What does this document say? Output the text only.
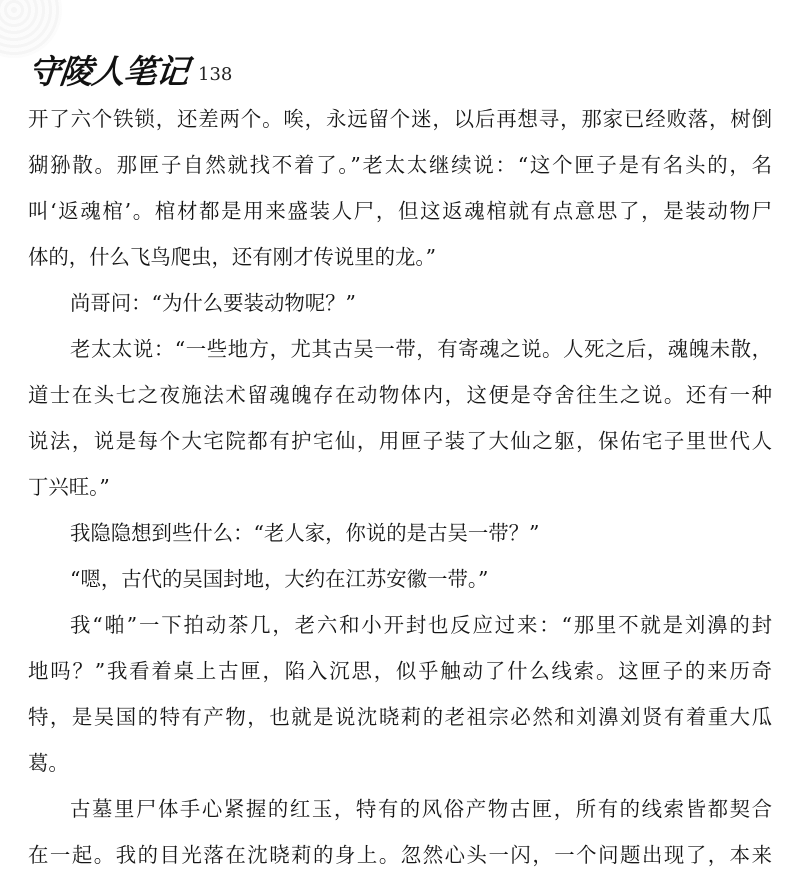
守陵人笔记 138
开了六个铁锁，还差两个。唉，永远留个迷，以后再想寻，那家已经败落，树倒
猢狲散。那匣子自然就找不着了。”老太太继续说：“这个匣子是有名头的，名
叫‘返魂棺’。棺材都是用来盛装人尸，但这返魂棺就有点意思了，是装动物尸
体的，什么飞鸟爬虫，还有刚才传说里的龙。”
尚哥问：“为什么要装动物呢？”
老太太说：“一些地方，尤其古吴一带，有寄魂之说。人死之后，魂魄未散，
道士在头七之夜施法术留魂魄存在动物体内，这便是夺舍往生之说。还有一种
说法，说是每个大宅院都有护宅仙，用匣子装了大仙之躯，保佑宅子里世代人
丁兴旺。”
我隐隐想到些什么：“老人家，你说的是古吴一带？”
“嗯，古代的吴国封地，大约在江苏安徽一带。”
我“啪”一下拍动茶几，老六和小开封也反应过来：“那里不就是刘濞的封
地吗？”我看着桌上古匣，陷入沉思，似乎触动了什么线索。这匣子的来历奇
特，是吴国的特有产物，也就是说沈晓莉的老祖宗必然和刘濞刘贤有着重大瓜
葛。
古墓里尸体手心紧握的红玉，特有的风俗产物古匣，所有的线索皆都契合
在一起。我的目光落在沈晓莉的身上。忽然心头一闪，一个问题出现了，本来
